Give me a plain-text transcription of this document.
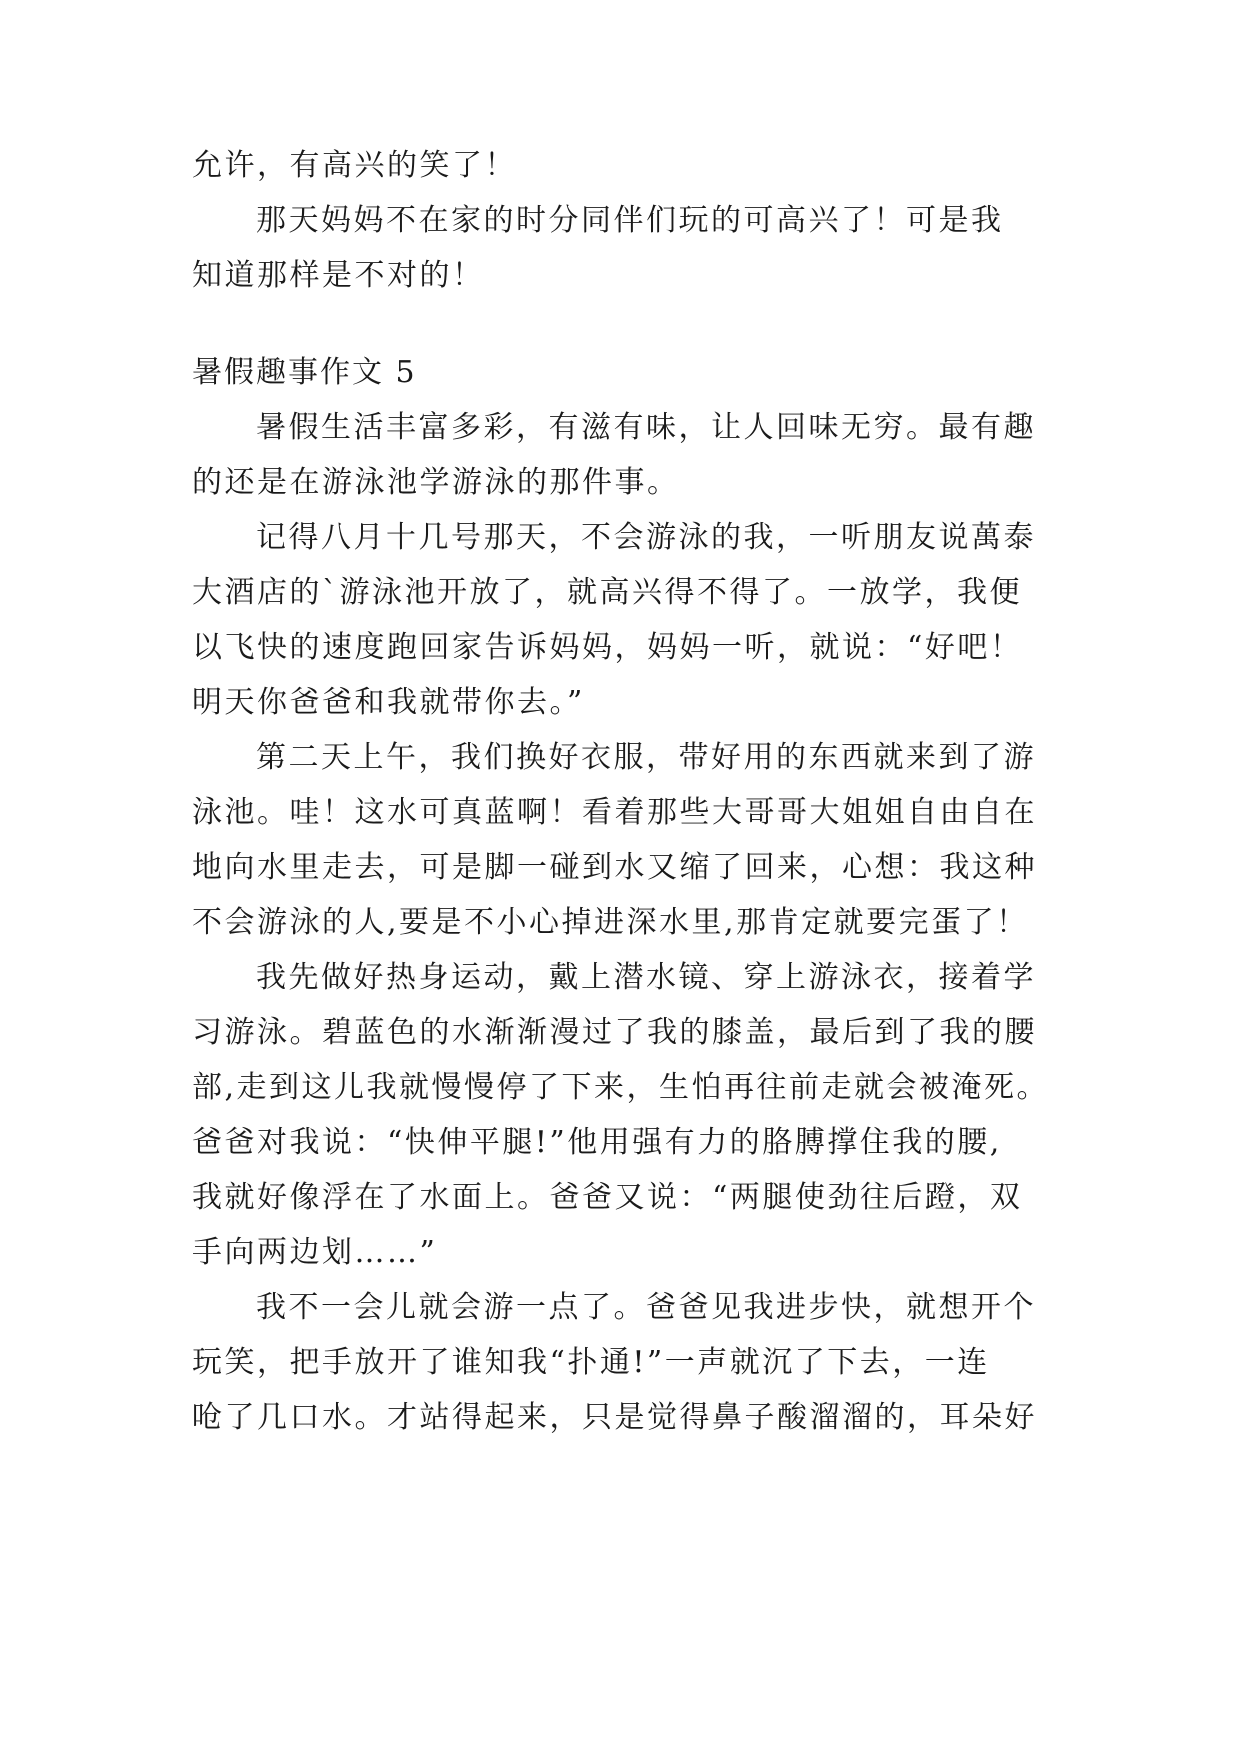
允许，有高兴的笑了！
那天妈妈不在家的时分同伴们玩的可高兴了！可是我
知道那样是不对的！
暑假趣事作文 5
暑假生活丰富多彩，有滋有味，让人回味无穷。最有趣
的还是在游泳池学游泳的那件事。
记得八月十几号那天，不会游泳的我，一听朋友说萬泰
大酒店的`游泳池开放了，就高兴得不得了。一放学，我便
以飞快的速度跑回家告诉妈妈，妈妈一听，就说：“好吧！
明天你爸爸和我就带你去。”
第二天上午，我们换好衣服，带好用的东西就来到了游
泳池。哇！这水可真蓝啊！看着那些大哥哥大姐姐自由自在
地向水里走去，可是脚一碰到水又缩了回来，心想：我这种
不会游泳的人,要是不小心掉进深水里,那肯定就要完蛋了！
我先做好热身运动，戴上潜水镜、穿上游泳衣，接着学
习游泳。碧蓝色的水渐渐漫过了我的膝盖，最后到了我的腰
部,走到这儿我就慢慢停了下来，生怕再往前走就会被淹死。
爸爸对我说：“快伸平腿!”他用强有力的胳膊撑住我的腰,
我就好像浮在了水面上。爸爸又说：“两腿使劲往后蹬，双
手向两边划……”
我不一会儿就会游一点了。爸爸见我进步快，就想开个
玩笑，把手放开了谁知我“扑通!”一声就沉了下去，一连
呛了几口水。才站得起来，只是觉得鼻子酸溜溜的，耳朵好
